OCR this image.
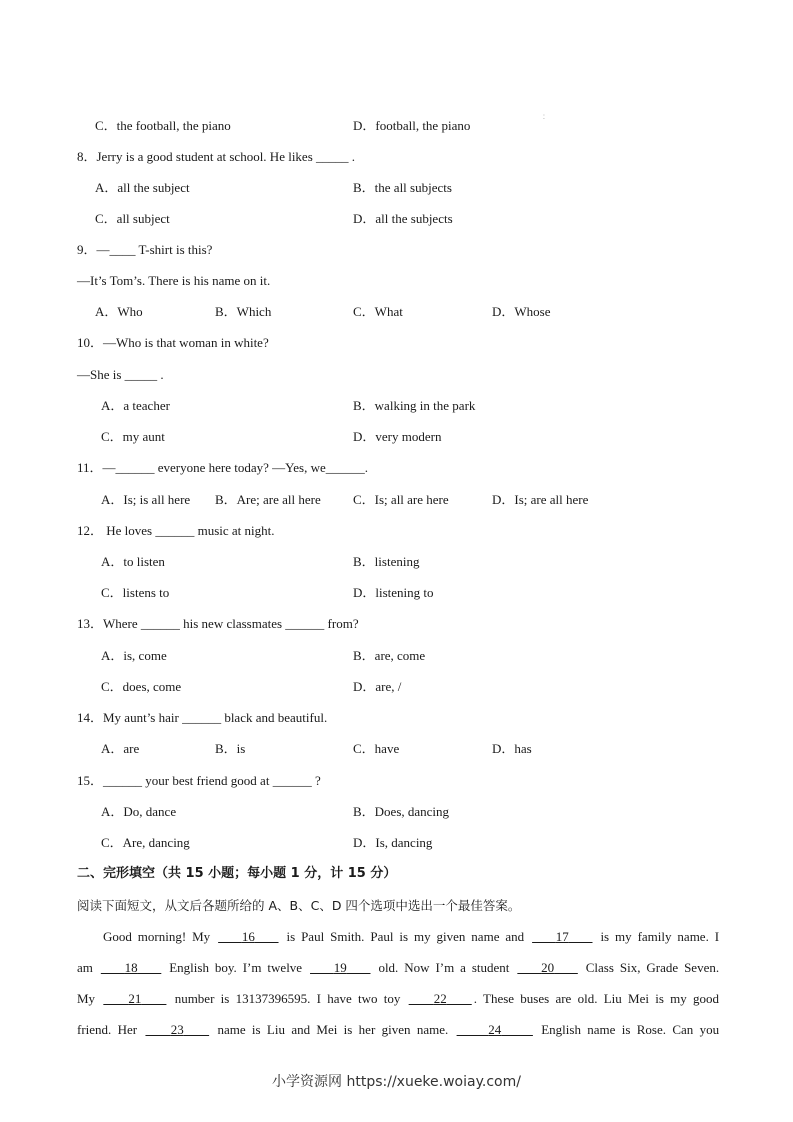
⁚
C．the football, the piano	D．football, the piano
8．Jerry is a good student at school. He likes _____ .
A．all the subject	B．the all subjects
C．all subject	D．all the subjects
9．—____ T-shirt is this?
—It’s Tom’s. There is his name on it.
A．Who	B．Which	C．What	D．Whose
10．—Who is that woman in white?
—She is _____ .
A．a teacher	B．walking in the park
C．my aunt	D．very modern
11．—______ everyone here today? —Yes, we______.
A．Is; is all here B．Are; are all here C．Is; all are here	D．Is; are all here
12． He loves ______ music at night.
A．to listen	B．listening
C．listens to	D．listening to
13．Where ______ his new classmates ______ from?
A．is, come	B．are, come
C．does, come	D．are, /
14．My aunt’s hair ______ black and beautiful.
A．are	B．is	C．have	D．has
15．______ your best friend good at ______ ?
A．Do, dance	B．Does, dancing
C．Are, dancing	D．Is, dancing
二、完形填空（共 15 小题；每小题 1 分，计 15 分）
阅读下面短文，从文后各题所给的 A、B、C、D 四个选项中选出一个最佳答案。
Good morning! My 16 is Paul Smith. Paul is my given name and 17 is my family name. I
am 18 English boy. I’m twelve 19 old. Now I’m a student 20 Class Six, Grade Seven.
My	21	number is 13137396595. I have two toy	22 . These buses are old. Liu Mei is my good
friend. Her	23	name is Liu and Mei is her given name.	24	English name is Rose. Can you
小学资源网 https://xueke.woiay.com/
